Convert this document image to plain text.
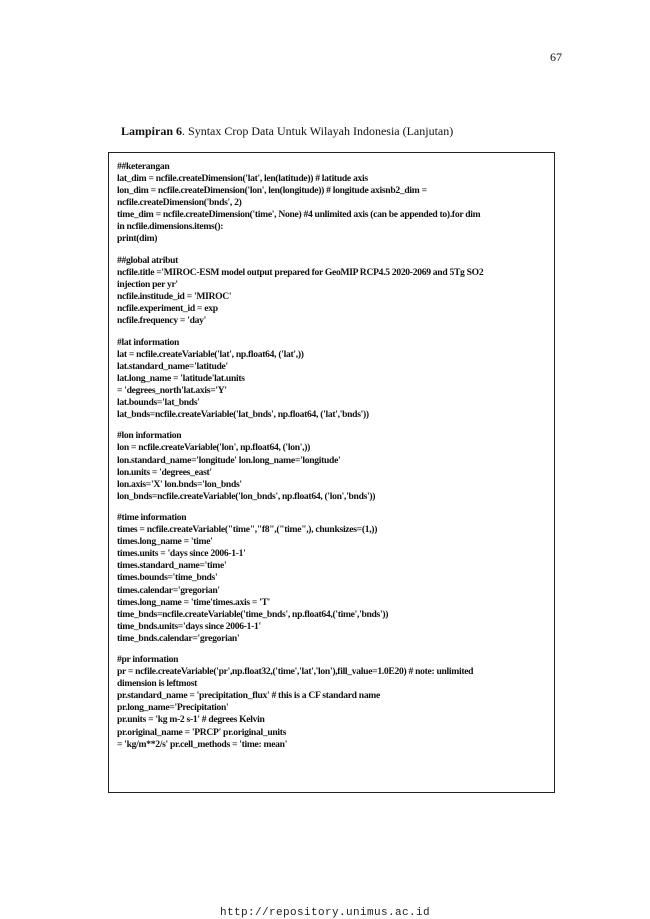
67
Lampiran 6. Syntax Crop Data Untuk Wilayah Indonesia (Lanjutan)
##keterangan
lat_dim = ncfile.createDimension('lat', len(latitude)) # latitude axis
lon_dim = ncfile.createDimension('lon', len(longitude)) # longitude axisnb2_dim =
ncfile.createDimension('bnds', 2)
time_dim = ncfile.createDimension('time', None) #4 unlimited axis (can be appended to).for dim
in ncfile.dimensions.items():
print(dim)
##global atribut
ncfile.title ='MIROC-ESM model output prepared for GeoMIP RCP4.5 2020-2069 and 5Tg SO2
injection per yr'
ncfile.institude_id = 'MIROC'
ncfile.experiment_id = exp
ncfile.frequency = 'day'
#lat information
lat = ncfile.createVariable('lat', np.float64, ('lat',))
lat.standard_name='latitude'
lat.long_name = 'latitude'lat.units
= 'degrees_north'lat.axis='Y'
lat.bounds='lat_bnds'
lat_bnds=ncfile.createVariable('lat_bnds', np.float64, ('lat','bnds'))
#lon information
lon = ncfile.createVariable('lon', np.float64, ('lon',))
lon.standard_name='longitude' lon.long_name='longitude'
lon.units = 'degrees_east'
lon.axis='X' lon.bnds='lon_bnds'
lon_bnds=ncfile.createVariable('lon_bnds', np.float64, ('lon','bnds'))
#time information
times = ncfile.createVariable("time","f8",("time",), chunksizes=(1,))
times.long_name = 'time'
times.units = 'days since 2006-1-1'
times.standard_name='time'
times.bounds='time_bnds'
times.calendar='gregorian'
times.long_name = 'time'times.axis = 'T'
time_bnds=ncfile.createVariable('time_bnds', np.float64,('time','bnds'))
time_bnds.units='days since 2006-1-1'
time_bnds.calendar='gregorian'
#pr information
pr = ncfile.createVariable('pr',np.float32,('time','lat','lon'),fill_value=1.0E20) # note: unlimited
dimension is leftmost
pr.standard_name = 'precipitation_flux' # this is a CF standard name
pr.long_name='Precipitation'
pr.units = 'kg m-2 s-1' # degrees Kelvin
pr.original_name = 'PRCP' pr.original_units
= 'kg/m**2/s' pr.cell_methods = 'time: mean'
http://repository.unimus.ac.id
